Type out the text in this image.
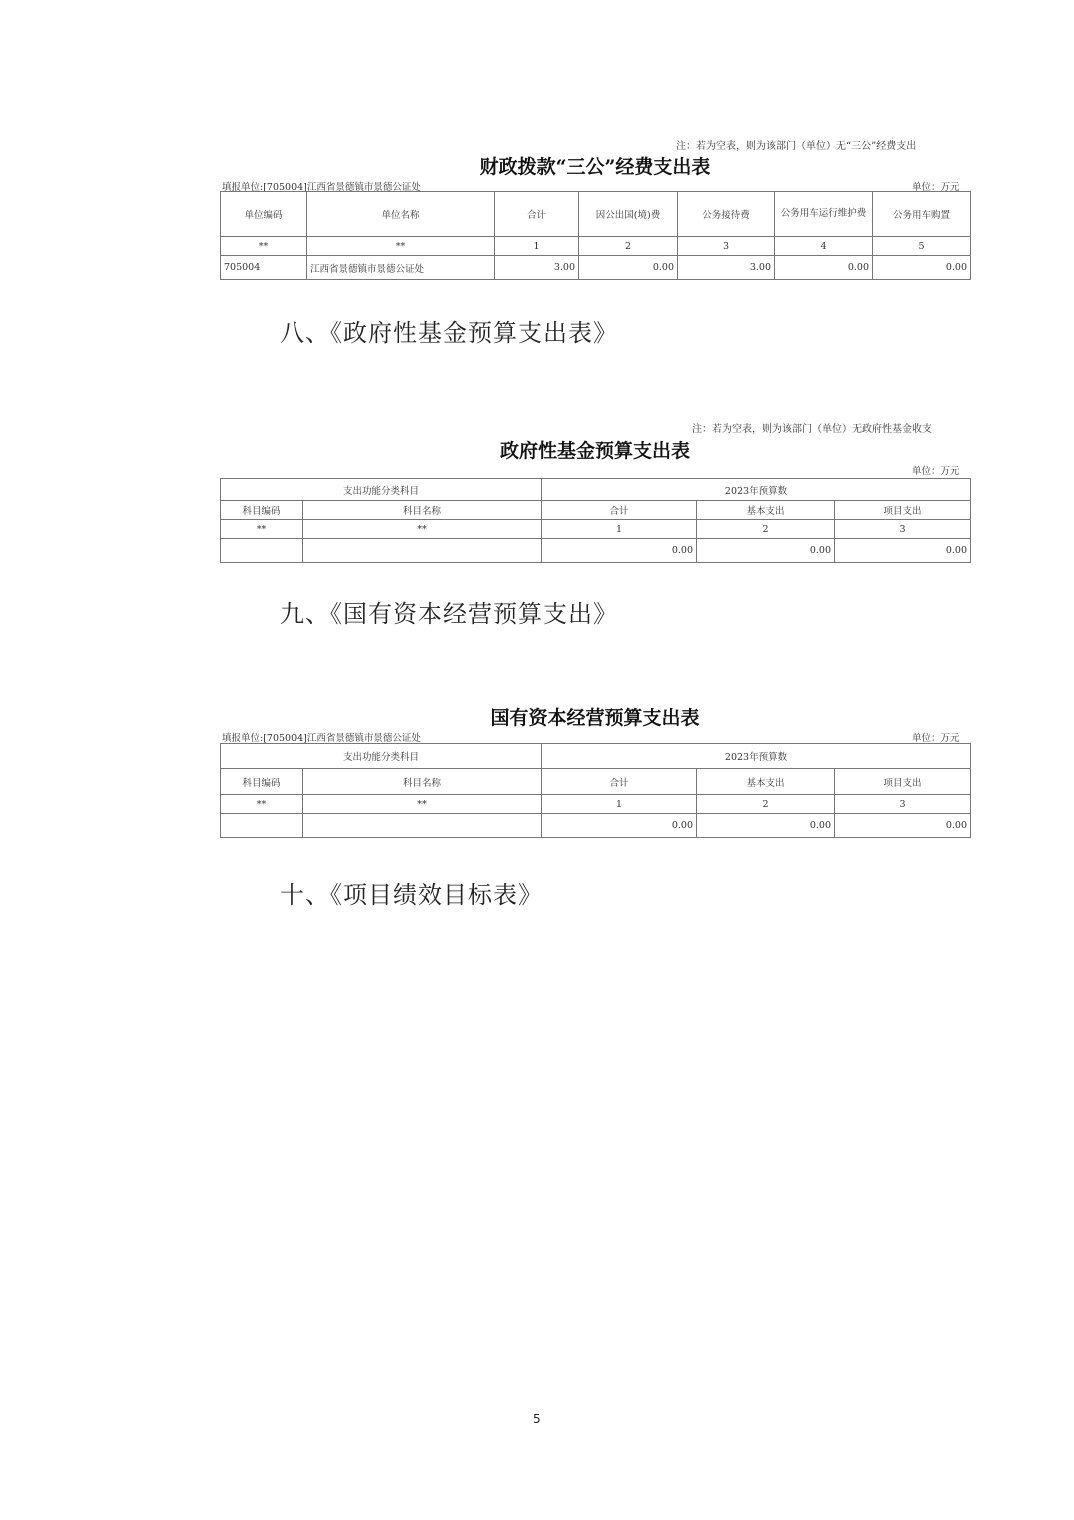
注：若为空表，则为该部门（单位）无“三公”经费支出
财政拨款“三公”经费支出表
填报单位:[705004]江西省景德镇市景德公证处	单位：万元
单位编码	单位名称	合计	因公出国(境)费	公务接待费	公务用车运行维护费	公务用车购置
**	**	1	2	3	4	5
705004	江西省景德镇市景德公证处	3.00	0.00	3.00	0.00	0.00
八、《政府性基金预算支出表》
注：若为空表，则为该部门（单位）无政府性基金收支
政府性基金预算支出表
单位：万元
支出功能分类科目		2023年预算数		
科目编码	科目名称	合计	基本支出	项目支出
**	**	1	2	3
		0.00	0.00	0.00
九、《国有资本经营预算支出》
国有资本经营预算支出表
填报单位:[705004]江西省景德镇市景德公证处	单位：万元
支出功能分类科目		2023年预算数		
科目编码	科目名称	合计	基本支出	项目支出
**	**	1	2	3
		0.00	0.00	0.00
十、《项目绩效目标表》
5
